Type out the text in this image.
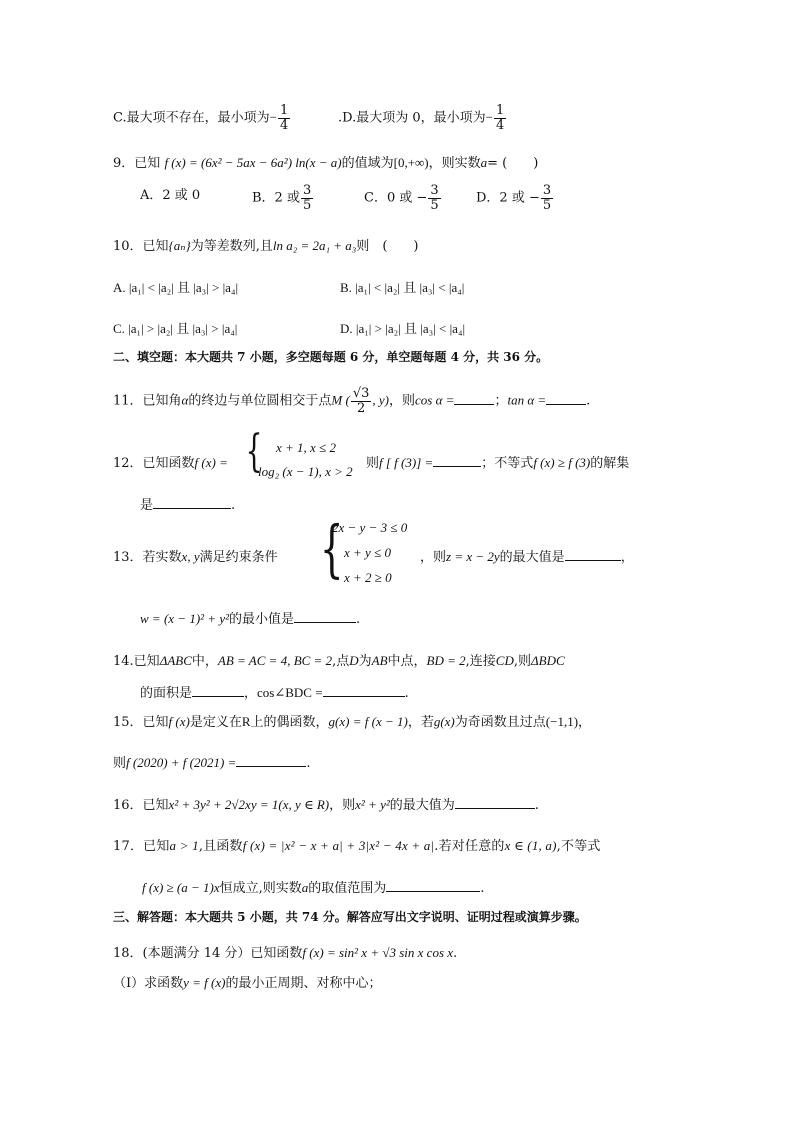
C.最大项不存在，最小项为− $\frac{1}{4}$	.D.最大项为 0，最小项为− $\frac{1}{4}$
9．已知 f (x) = (6x² − 5ax − 6a²) ln(x − a)的值域为[0,+∞)，则实数a= (　　)
A．2 或 0	B．2 或 $\frac{3}{5}$	C．0 或 − $\frac{3}{5}$	D．2 或 − $\frac{3}{5}$
10．已知{aₙ}为等差数列,且ln a₂ = 2a₁ + a₃则　(　　)
A. |a₁| < |a₂| 且 |a₃| > |a₄|	B. |a₁| < |a₂| 且 |a₃| < |a₄|
C. |a₁| > |a₂| 且 |a₃| > |a₄|	D. |a₁| > |a₂| 且 |a₃| < |a₄|
二、填空题：本大题共 7 小题，多空题每题 6 分，单空题每题 4 分，共 36 分。
11．已知角α的终边与单位圆相交于点M ( $\frac{√3}{2}$ , y)，则cos α =	；tan α =	.
12．已知函数f (x) = { x + 1, x ≤ 2
log₂ (x − 1), x > 2
则f [ f (3)] =	；不等式f (x) ≥ f (3)的解集
是	.
13．若实数x, y满足约束条件 {
2x − y − 3 ≤ 0
x + y ≤ 0
x + 2 ≥ 0
，则z = x − 2y的最大值是	，
w = (x − 1)² + y²的最小值是	.
14.已知ΔABC中，AB = AC = 4, BC = 2,点D为AB中点，BD = 2,连接CD,则ΔBDC
的面积是	，cos∠BDC =	.
15．已知f (x)是定义在R上的偶函数，g(x) = f (x − 1)，若g(x)为奇函数且过点(−1,1)，
则f (2020) + f (2021) =	.
16．已知x² + 3y² + 2√2xy = 1(x, y ∈ R)，则x² + y²的最大值为	.
17．已知a > 1,且函数f (x) = |x² − x + a| + 3|x² − 4x + a|.若对任意的x ∈ (1, a),不等式
f (x) ≥ (a − 1)x恒成立,则实数a的取值范围为	.
三、解答题：本大题共 5 小题，共 74 分。解答应写出文字说明、证明过程或演算步骤。
18．(本题满分 14 分）已知函数f (x) = sin² x + √3 sin x cos x.
（Ⅰ）求函数y = f (x)的最小正周期、对称中心；
